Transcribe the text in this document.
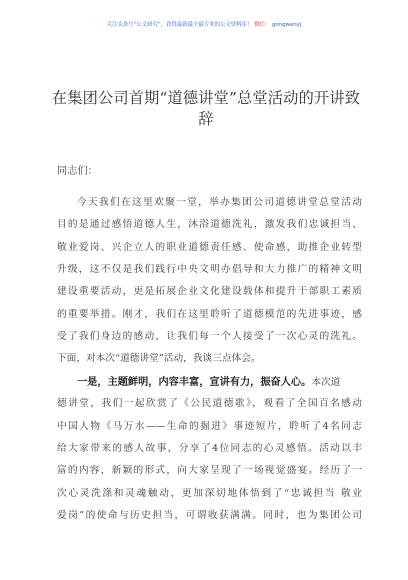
关注头条号“公文研究”，获得最新最全最专业的公文资料库！ 微信： gongwenyj
在集团公司首期“道德讲堂”总堂活动的开讲致辞
同志们：
今天我们在这里欢聚一堂，举办集团公司道德讲堂总堂活动
目的是通过感悟道德人生，沐浴道德洗礼，激发我们忠诚担当、
敬业爱岗、兴企立人的职业道德责任感、使命感，助推企业转型
升级，这不仅是我们践行中央文明办倡导和大力推广的精神文明
建设重要活动，更是拓展企业文化建设载体和提升干部职工素质
的重要举措。刚才，我们在这里聆听了道德模范的先进事迹，感
受了我们身边的感动，让我们每一个人接受了一次心灵的洗礼。
下面，对本次“道德讲堂”活动，我谈三点体会。
一是，主题鲜明，内容丰富，宣讲有力，振奋人心。本次道
德讲堂，我们一起欣赏了《公民道德歌》，观看了全国百名感动
中国人物《马万水——生命的掘进》事迹短片，聆听了4名同志
给大家带来的感人故事，分享了4位同志的心灵感悟。活动以丰
富的内容，新颖的形式，向大家呈现了一场视觉盛宴。经历了一
次心灵洗涤和灵魂触动，更加深切地体悟到了“忠诚担当 敬业
爱岗”的使命与历史担当，可谓收获满满。同时，也为集团公司
